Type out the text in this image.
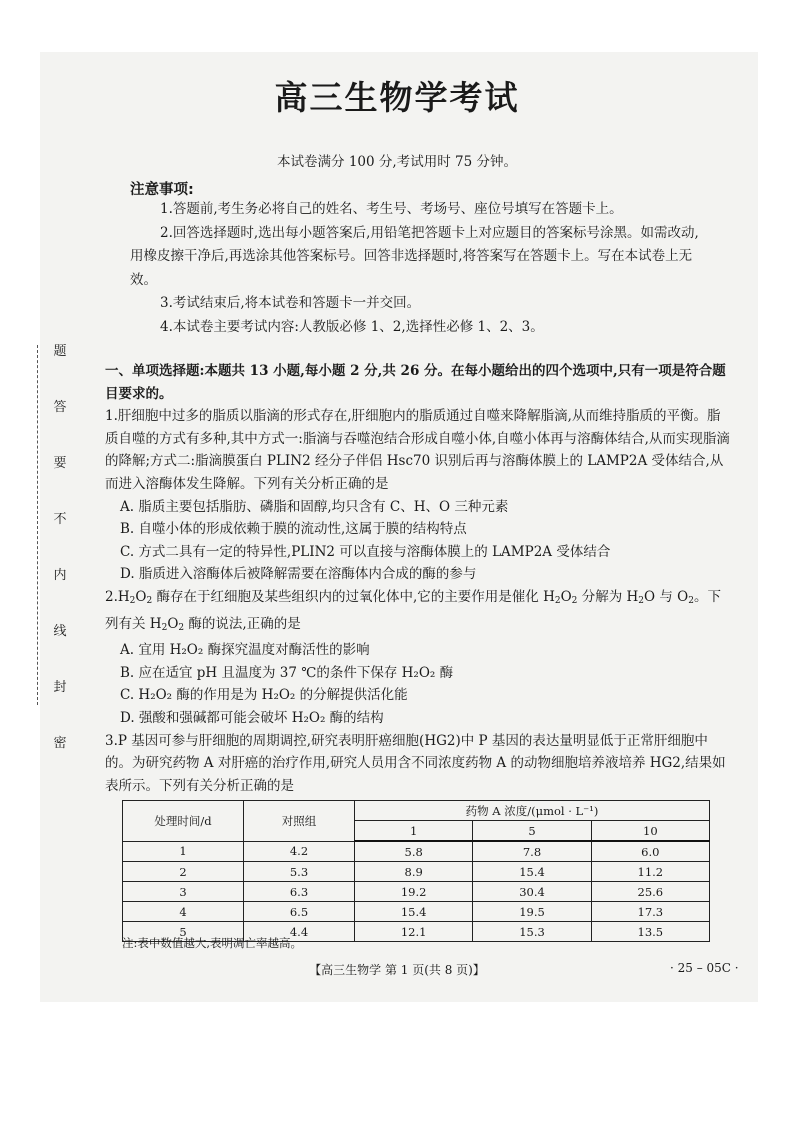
题
答
要
不
内
线
封
密
高三生物学考试
本试卷满分 100 分,考试用时 75 分钟。
注意事项:

1.答题前,考生务必将自己的姓名、考生号、考场号、座位号填写在答题卡上。

2.回答选择题时,选出每小题答案后,用铅笔把答题卡上对应题目的答案标号涂黑。如需改动,用橡皮擦干净后,再选涂其他答案标号。回答非选择题时,将答案写在答题卡上。写在本试卷上无效。

3.考试结束后,将本试卷和答题卡一并交回。

4.本试卷主要考试内容:人教版必修 1、2,选择性必修 1、2、3。

一、单项选择题:本题共 13 小题,每小题 2 分,共 26 分。在每小题给出的四个选项中,只有一项是符合题目要求的。

1.肝细胞中过多的脂质以脂滴的形式存在,肝细胞内的脂质通过自噬来降解脂滴,从而维持脂质的平衡。脂质自噬的方式有多种,其中方式一:脂滴与吞噬泡结合形成自噬小体,自噬小体再与溶酶体结合,从而实现脂滴的降解;方式二:脂滴膜蛋白 PLIN2 经分子伴侣 Hsc70 识别后再与溶酶体膜上的 LAMP2A 受体结合,从而进入溶酶体发生降解。下列有关分析正确的是

A. 脂质主要包括脂肪、磷脂和固醇,均只含有 C、H、O 三种元素

B. 自噬小体的形成依赖于膜的流动性,这属于膜的结构特点

C. 方式二具有一定的特异性,PLIN2 可以直接与溶酶体膜上的 LAMP2A 受体结合

D. 脂质进入溶酶体后被降解需要在溶酶体内合成的酶的参与

$2.H_2O_2$ 酶存在于红细胞及某些组织内的过氧化体中,它的主要作用是催化 $H_2O_2$ 分解为 $H_2O$ 与 $O_2$。下列有关 $H_2O_2$ 酶的说法,正确的是

A. 宜用 H₂O₂ 酶探究温度对酶活性的影响

B. 应在适宜 pH 且温度为 37 ℃的条件下保存 H₂O₂ 酶

C. H₂O₂ 酶的作用是为 H₂O₂ 的分解提供活化能

D. 强酸和强碱都可能会破坏 H₂O₂ 酶的结构

3.P 基因可参与肝细胞的周期调控,研究表明肝癌细胞(HG2)中 P 基因的表达量明显低于正常肝细胞中的。为研究药物 A 对肝癌的治疗作用,研究人员用含不同浓度药物 A 的动物细胞培养液培养 HG2,结果如表所示。下列有关分析正确的是

处理时间/d	对照组	药物 A 浓度/(μmol · L⁻¹)		
		1	5	10
1	4.2	5.8	7.8	6.0
2	5.3	8.9	15.4	11.2
3	6.3	19.2	30.4	25.6
4	6.5	15.4	19.5	17.3
5	4.4	12.1	15.3	13.5
注:表中数值越大,表明凋亡率越高。
【高三生物学 第 1 页(共 8 页)】	· 25 – 05C ·
